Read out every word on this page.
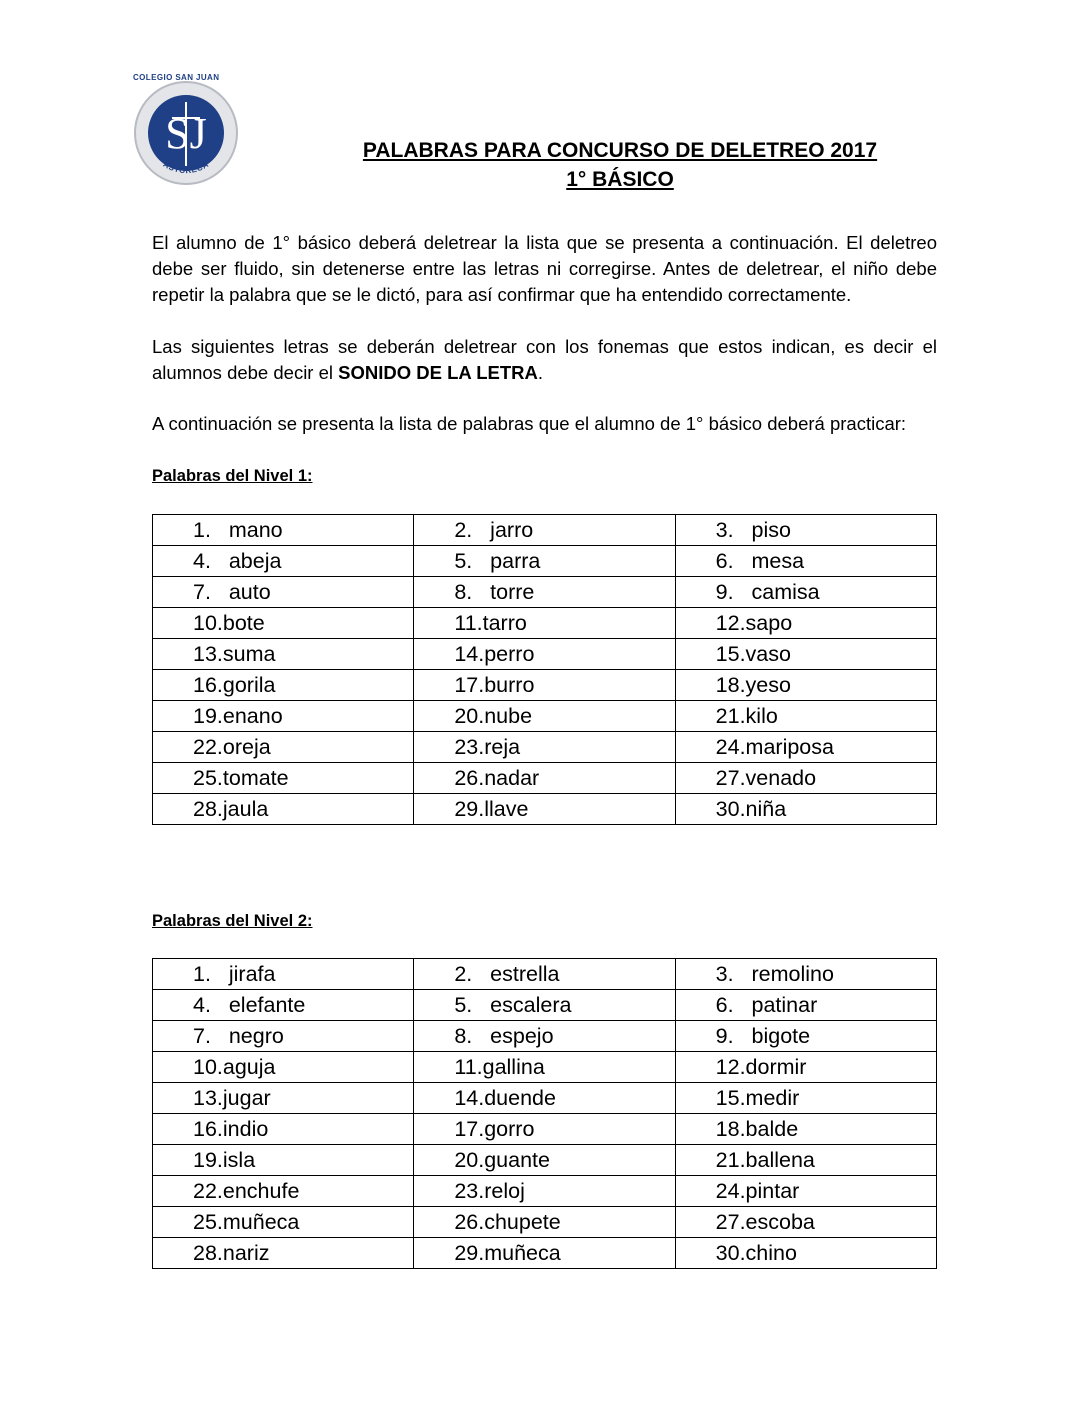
COLEGIO SAN JUAN
SJ
ASTORECA
PALABRAS PARA CONCURSO DE DELETREO 2017
1° BÁSICO

El alumno de 1° básico deberá deletrear la lista que se presenta a continuación. El deletreo debe ser fluido, sin detenerse entre las letras ni corregirse. Antes de deletrear, el niño debe repetir la palabra que se le dictó, para así confirmar que ha entendido correctamente.

Las siguientes letras se deberán deletrear con los fonemas que estos indican, es decir el alumnos debe decir el SONIDO DE LA LETRA.

A continuación se presenta la lista de palabras que el alumno de 1° básico deberá practicar:

Palabras del Nivel 1:
1.   mano	2.   jarro	3.   piso
4.   abeja	5.   parra	6.   mesa
7.   auto	8.   torre	9.   camisa
10.bote	11.tarro	12.sapo
13.suma	14.perro	15.vaso
16.gorila	17.burro	18.yeso
19.enano	20.nube	21.kilo
22.oreja	23.reja	24.mariposa
25.tomate	26.nadar	27.venado
28.jaula	29.llave	30.niña
Palabras del Nivel 2:
1.   jirafa	2.   estrella	3.   remolino
4.   elefante	5.   escalera	6.   patinar
7.   negro	8.   espejo	9.   bigote
10.aguja	11.gallina	12.dormir
13.jugar	14.duende	15.medir
16.indio	17.gorro	18.balde
19.isla	20.guante	21.ballena
22.enchufe	23.reloj	24.pintar
25.muñeca	26.chupete	27.escoba
28.nariz	29.muñeca	30.chino
